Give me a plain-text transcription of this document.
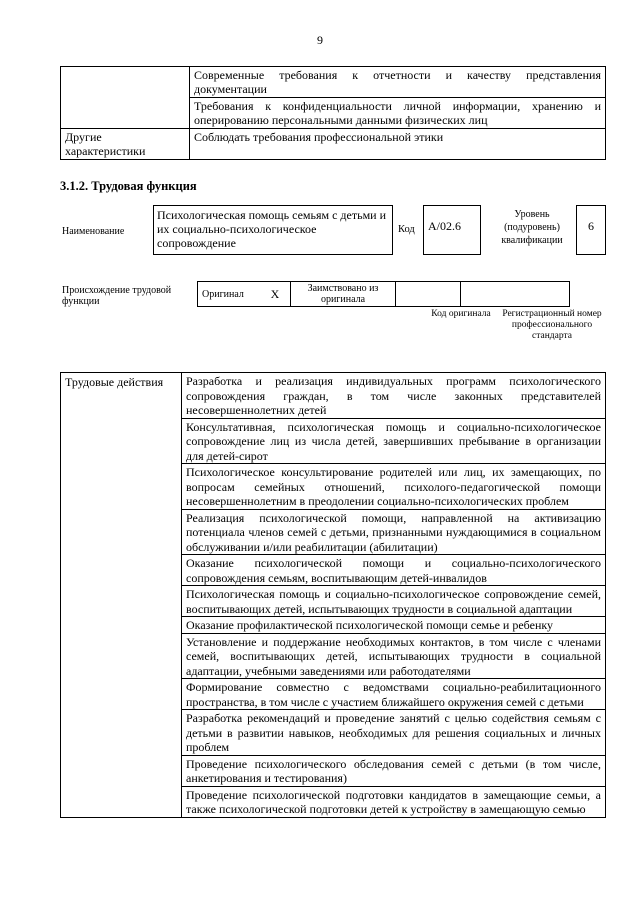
9
	Современные требования к отчетности и качеству представления документации
	Требования к конфиденциальности личной информации, хранению и оперированию персональными данными физических лиц
Другие характеристики	Соблюдать требования профессиональной этики
3.1.2. Трудовая функция
Наименование
Психологическая помощь семьям с детьми и их социально-психологическое сопровождение
Код	А/02.6
Уровень (подуровень) квалификации
6
Происхождение трудовой функции
Оригинал	Х	Заимствовано из оригинала		
Код оригинала Регистрационный номер профессионального стандарта
Трудовые действия	Разработка и реализация индивидуальных программ психологического сопровождения граждан, в том числе законных представителей несовершеннолетних детей
Консультативная, психологическая помощь и социально-психологическое сопровождение лиц из числа детей, завершивших пребывание в организации для детей-сирот
Психологическое консультирование родителей или лиц, их замещающих, по вопросам семейных отношений, психолого-педагогической помощи несовершеннолетним в преодолении социально-психологических проблем
Реализация психологической помощи, направленной на активизацию потенциала членов семей с детьми, признанными нуждающимися в социальном обслуживании и/или реабилитации (абилитации)
Оказание психологической помощи и социально-психологического сопровождения семьям, воспитывающим детей-инвалидов
Психологическая помощь и социально-психологическое сопровождение семей, воспитывающих детей, испытывающих трудности в социальной адаптации
Оказание профилактической психологической помощи семье и ребенку
Установление и поддержание необходимых контактов, в том числе с членами семей, воспитывающих детей, испытывающих трудности в социальной адаптации, учебными заведениями или работодателями
Формирование совместно с ведомствами социально-реабилитационного пространства, в том числе с участием ближайшего окружения семей с детьми
Разработка рекомендаций и проведение занятий с целью содействия семьям с детьми в развитии навыков, необходимых для решения социальных и личных проблем
Проведение психологического обследования семей с детьми (в том числе, анкетирования и тестирования)
Проведение психологической подготовки кандидатов в замещающие семьи, а также психологической подготовки детей к устройству в замещающую семью
